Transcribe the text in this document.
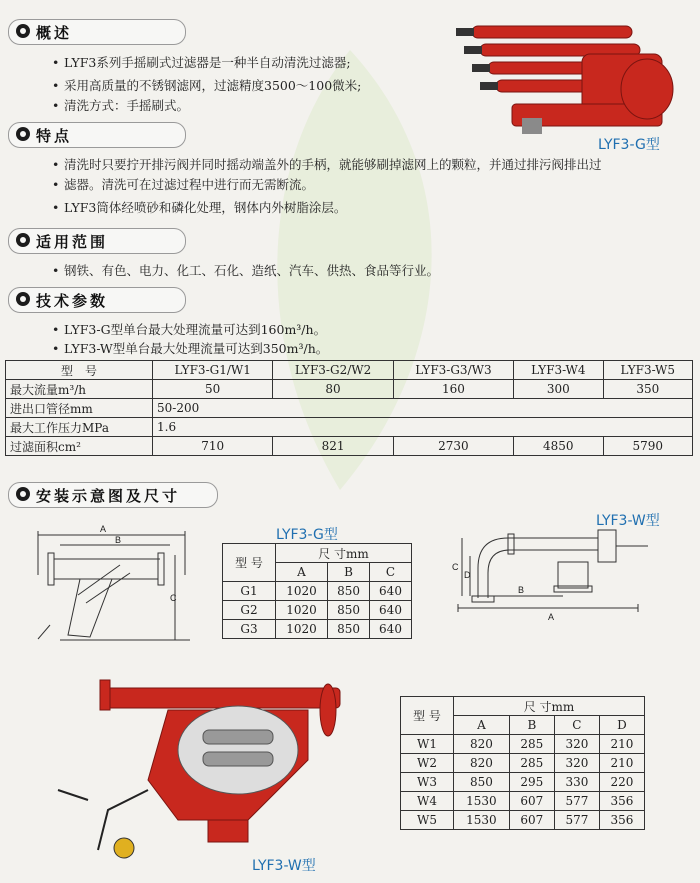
概述
特点
适用范围
技术参数
安装示意图及尺寸
• LYF3系列手摇刷式过滤器是一种半自动清洗过滤器;
• 采用高质量的不锈钢滤网，过滤精度3500～100微米;
• 清洗方式：手摇刷式。
• 清洗时只要拧开排污阀并同时摇动端盖外的手柄，就能够刷掉滤网上的颗粒，并通过排污阀排出过
• 滤器。清洗可在过滤过程中进行而无需断流。
• LYF3筒体经喷砂和磷化处理，钢体内外树脂涂层。
• 钢铁、有色、电力、化工、石化、造纸、汽车、供热、食品等行业。
• LYF3-G型单台最大处理流量可达到160m³/h。
• LYF3-W型单台最大处理流量可达到350m³/h。
LYF3-G型
型　号	LYF3-G1/W1	LYF3-G2/W2	LYF3-G3/W3	LYF3-W4	LYF3-W5
最大流量m³/h	50	80	160	300	350
进出口管径mm	50-200				
最大工作压力MPa	1.6				
过滤面积cm²	710	821	2730	4850	5790
A
B
C
LYF3-G型
型 号	尺 寸mm		
	A	B	C
G1	1020	850	640
G2	1020	850	640
G3	1020	850	640
LYF3-W型
A
B
C
D
LYF3-W型
型 号	尺 寸mm			
	A	B	C	D
W1	820	285	320	210
W2	820	285	320	210
W3	850	295	330	220
W4	1530	607	577	356
W5	1530	607	577	356
